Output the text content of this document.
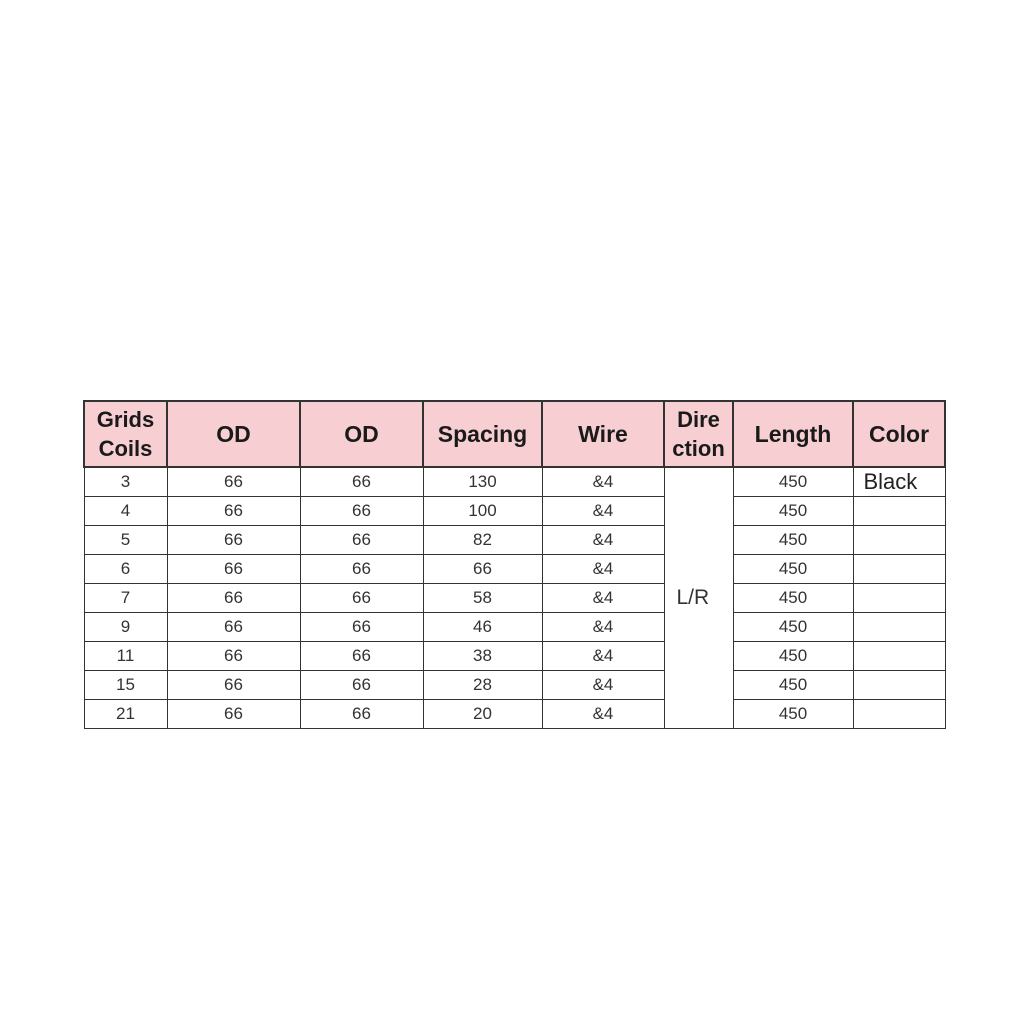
Grids
Coils	OD	OD	Spacing	Wire	Dire
ction	Length	Color
3	66	66	130	&4	L/R	450	Black
4	66	66	100	&4		450	
5	66	66	82	&4		450	
6	66	66	66	&4		450	
7	66	66	58	&4		450	
9	66	66	46	&4		450	
11	66	66	38	&4		450	
15	66	66	28	&4		450	
21	66	66	20	&4		450	
